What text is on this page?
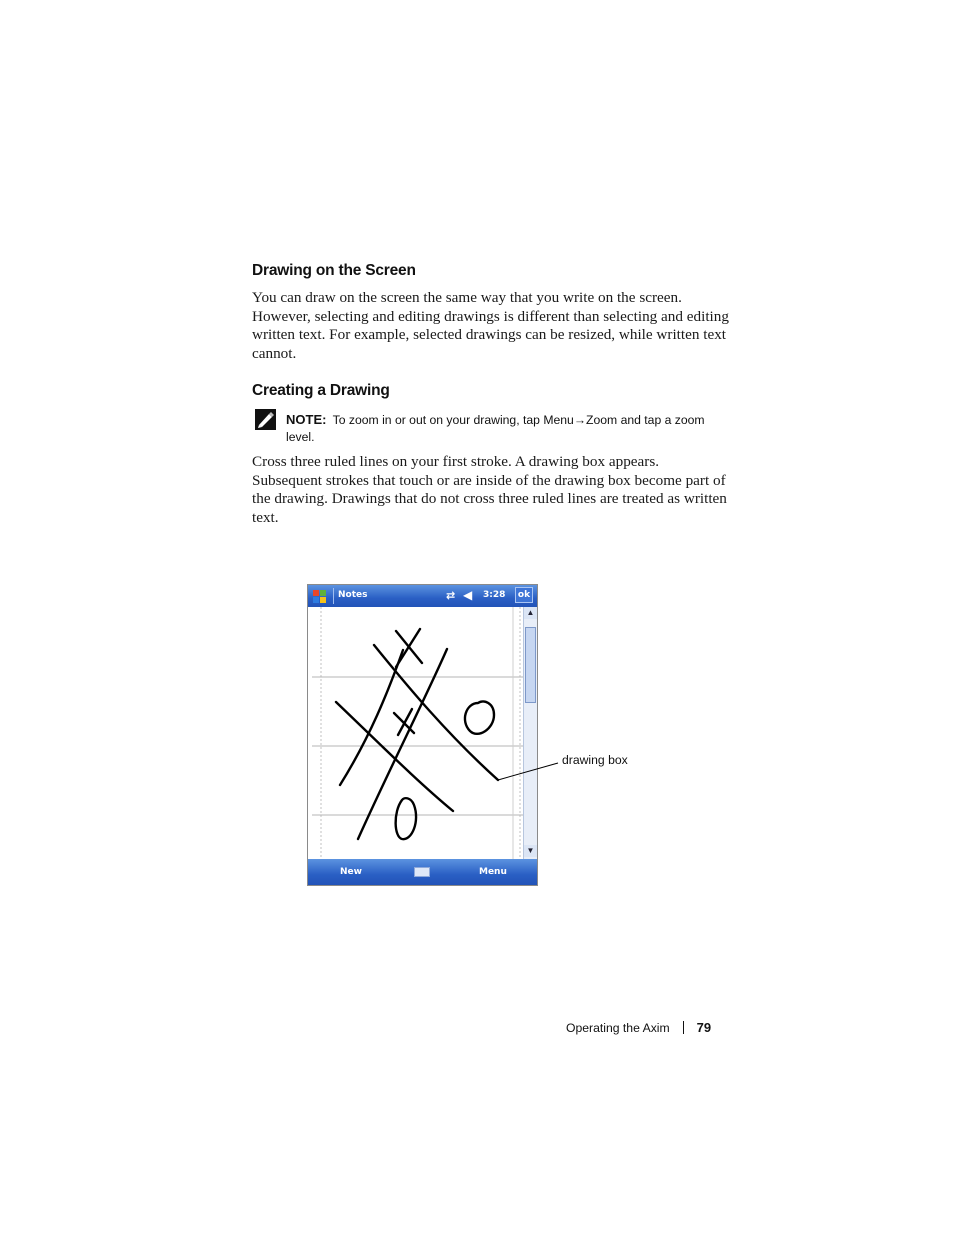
Drawing on the Screen

You can draw on the screen the same way that you write on the screen. However, selecting and editing drawings is different than selecting and editing written text. For example, selected drawings can be resized, while written text cannot.

Creating a Drawing

NOTE: To zoom in or out on your drawing, tap Menu→Zoom and tap a zoom level.

Cross three ruled lines on your first stroke. A drawing box appears. Subsequent strokes that touch or are inside of the drawing box become part of the drawing. Drawings that do not cross three ruled lines are treated as written text.

Notes	⇄ ◀ 3:28	ok
▲
▼
New	Menu
drawing box
Operating the Axim 79
